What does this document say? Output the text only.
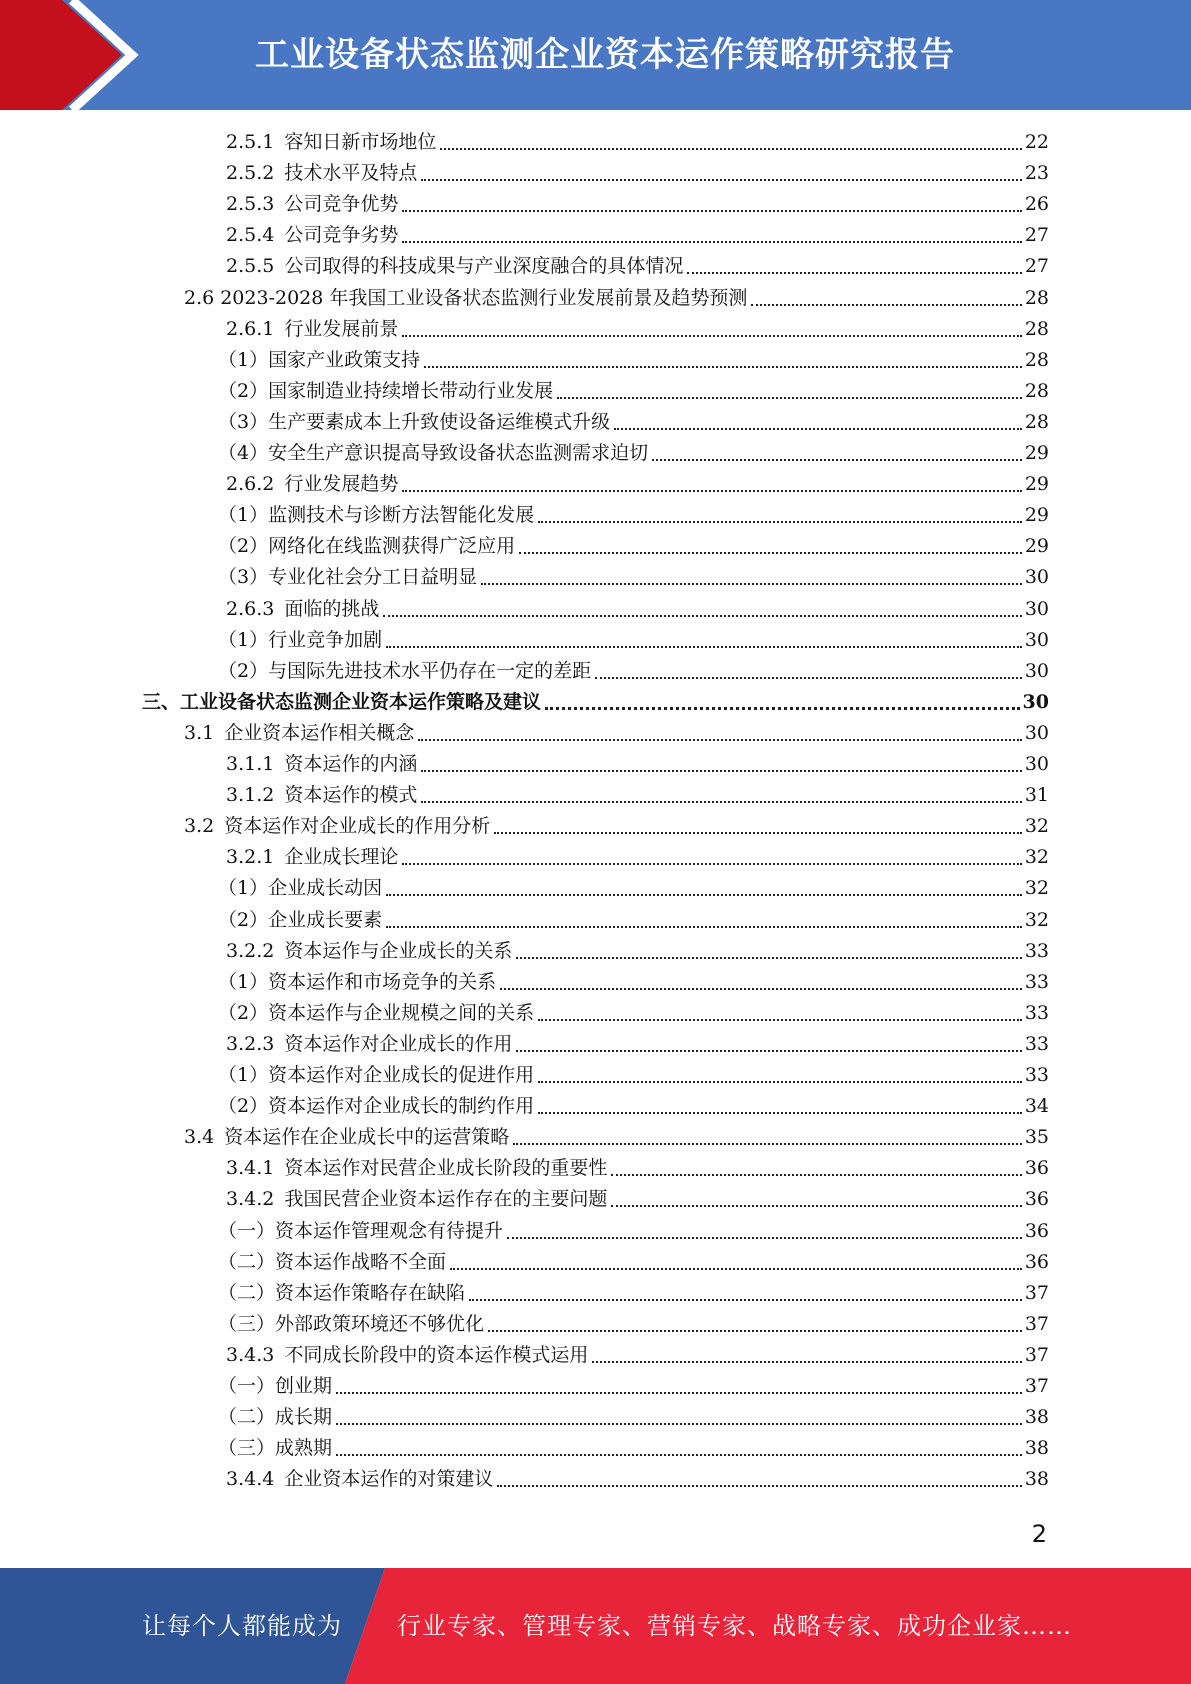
工业设备状态监测企业资本运作策略研究报告
2.5.1 容知日新市场地位	22
2.5.2 技术水平及特点	23
2.5.3 公司竞争优势	26
2.5.4 公司竞争劣势	27
2.5.5 公司取得的科技成果与产业深度融合的具体情况	27
2.6 2023-2028 年我国工业设备状态监测行业发展前景及趋势预测	28
2.6.1 行业发展前景	28
（1）国家产业政策支持	28
（2）国家制造业持续增长带动行业发展	28
（3）生产要素成本上升致使设备运维模式升级	28
（4）安全生产意识提高导致设备状态监测需求迫切	29
2.6.2 行业发展趋势	29
（1）监测技术与诊断方法智能化发展	29
（2）网络化在线监测获得广泛应用	29
（3）专业化社会分工日益明显	30
2.6.3 面临的挑战	30
（1）行业竞争加剧	30
（2）与国际先进技术水平仍存在一定的差距	30
三、工业设备状态监测企业资本运作策略及建议	30
3.1 企业资本运作相关概念	30
3.1.1 资本运作的内涵	30
3.1.2 资本运作的模式	31
3.2 资本运作对企业成长的作用分析	32
3.2.1 企业成长理论	32
（1）企业成长动因	32
（2）企业成长要素	32
3.2.2 资本运作与企业成长的关系	33
（1）资本运作和市场竞争的关系	33
（2）资本运作与企业规模之间的关系	33
3.2.3 资本运作对企业成长的作用	33
（1）资本运作对企业成长的促进作用	33
（2）资本运作对企业成长的制约作用	34
3.4 资本运作在企业成长中的运营策略	35
3.4.1 资本运作对民营企业成长阶段的重要性	36
3.4.2 我国民营企业资本运作存在的主要问题	36
（一）资本运作管理观念有待提升	36
（二）资本运作战略不全面	36
（二）资本运作策略存在缺陷	37
（三）外部政策环境还不够优化	37
3.4.3 不同成长阶段中的资本运作模式运用	37
（一）创业期	37
（二）成长期	38
（三）成熟期	38
3.4.4 企业资本运作的对策建议	38
2
让每个人都能成为 行业专家、管理专家、营销专家、战略专家、成功企业家……
